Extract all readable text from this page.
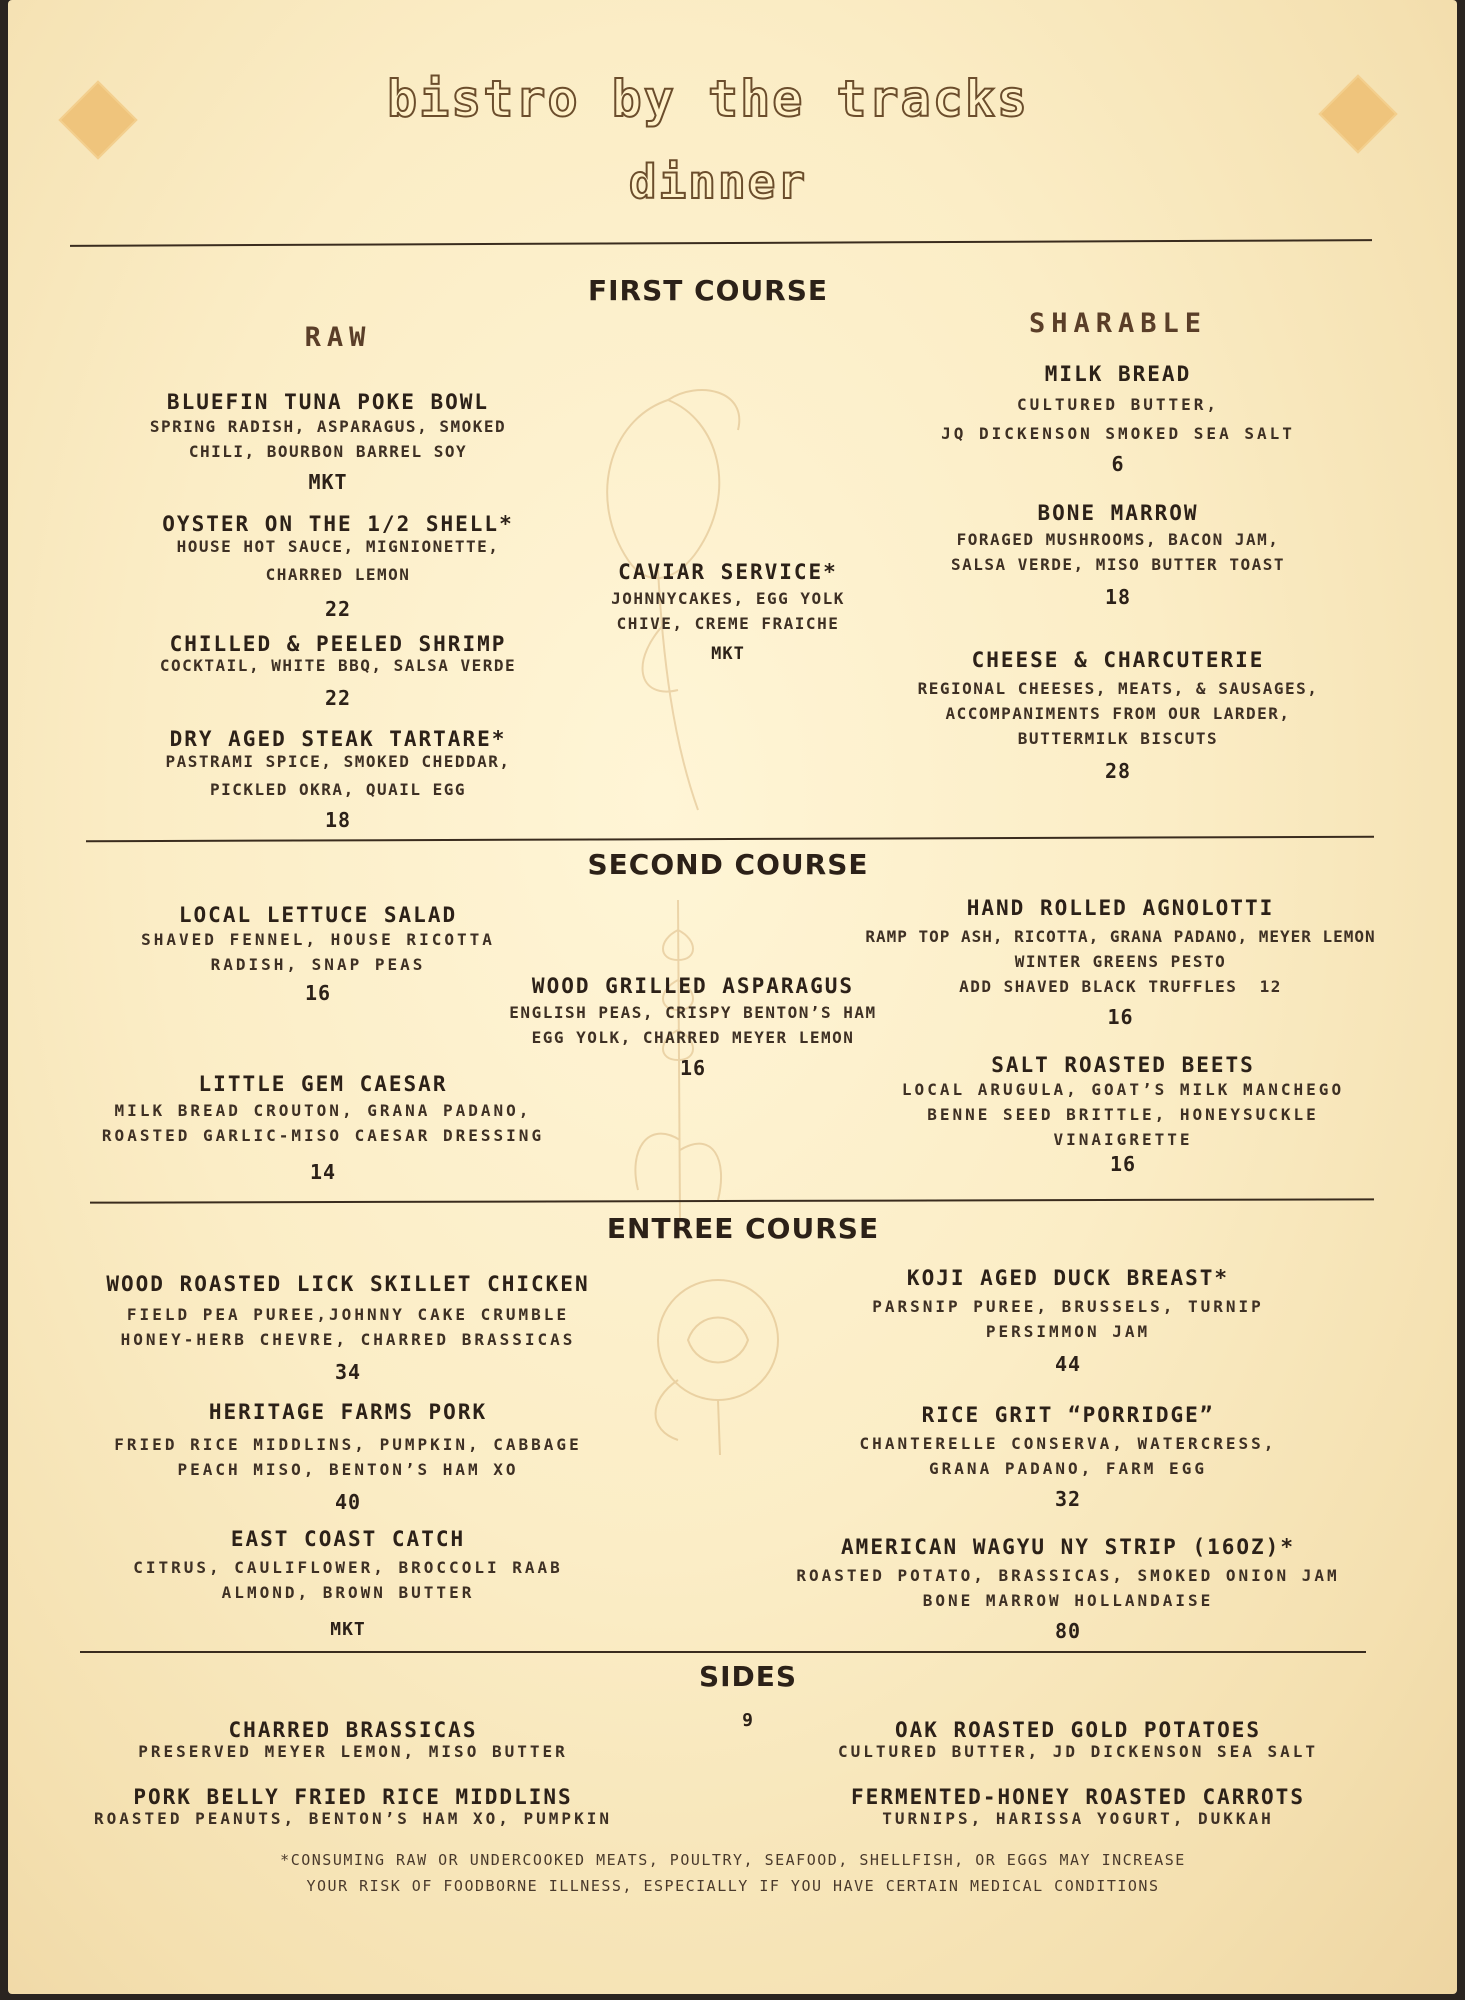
bistro by the tracks
dinner
FIRST COURSE
RAW	SHARABLE
BLUEFIN TUNA POKE BOWL
SPRING RADISH, ASPARAGUS, SMOKED
CHILI, BOURBON BARREL SOY
MKT
OYSTER ON THE 1/2 SHELL*
HOUSE HOT SAUCE, MIGNIONETTE,
CHARRED LEMON
22
CHILLED & PEELED SHRIMP
COCKTAIL, WHITE BBQ, SALSA VERDE
22
DRY AGED STEAK TARTARE*
PASTRAMI SPICE, SMOKED CHEDDAR,
PICKLED OKRA, QUAIL EGG
18
CAVIAR SERVICE*
JOHNNYCAKES, EGG YOLK
CHIVE, CREME FRAICHE
MKT
MILK BREAD
CULTURED BUTTER,
JQ DICKENSON SMOKED SEA SALT
6
BONE MARROW
FORAGED MUSHROOMS, BACON JAM,
SALSA VERDE, MISO BUTTER TOAST
18
CHEESE & CHARCUTERIE
REGIONAL CHEESES, MEATS, & SAUSAGES,
ACCOMPANIMENTS FROM OUR LARDER,
BUTTERMILK BISCUTS
28
SECOND COURSE
LOCAL LETTUCE SALAD
SHAVED FENNEL, HOUSE RICOTTA
RADISH, SNAP PEAS
16
LITTLE GEM CAESAR
MILK BREAD CROUTON, GRANA PADANO,
ROASTED GARLIC-MISO CAESAR DRESSING
14
WOOD GRILLED ASPARAGUS
ENGLISH PEAS, CRISPY BENTON’S HAM
EGG YOLK, CHARRED MEYER LEMON
16
HAND ROLLED AGNOLOTTI
RAMP TOP ASH, RICOTTA, GRANA PADANO, MEYER LEMON
WINTER GREENS PESTO
ADD SHAVED BLACK TRUFFLES 12
16
SALT ROASTED BEETS
LOCAL ARUGULA, GOAT’S MILK MANCHEGO
BENNE SEED BRITTLE, HONEYSUCKLE
VINAIGRETTE
16
ENTREE COURSE
WOOD ROASTED LICK SKILLET CHICKEN
FIELD PEA PUREE,JOHNNY CAKE CRUMBLE
HONEY-HERB CHEVRE, CHARRED BRASSICAS
34
HERITAGE FARMS PORK
FRIED RICE MIDDLINS, PUMPKIN, CABBAGE
PEACH MISO, BENTON’S HAM XO
40
EAST COAST CATCH
CITRUS, CAULIFLOWER, BROCCOLI RAAB
ALMOND, BROWN BUTTER
MKT
KOJI AGED DUCK BREAST*
PARSNIP PUREE, BRUSSELS, TURNIP
PERSIMMON JAM
44
RICE GRIT “PORRIDGE”
CHANTERELLE CONSERVA, WATERCRESS,
GRANA PADANO, FARM EGG
32
AMERICAN WAGYU NY STRIP (16OZ)*
ROASTED POTATO, BRASSICAS, SMOKED ONION JAM
BONE MARROW HOLLANDAISE
80
SIDES
9
CHARRED BRASSICAS
PRESERVED MEYER LEMON, MISO BUTTER
PORK BELLY FRIED RICE MIDDLINS
ROASTED PEANUTS, BENTON’S HAM XO, PUMPKIN
OAK ROASTED GOLD POTATOES
CULTURED BUTTER, JD DICKENSON SEA SALT
FERMENTED-HONEY ROASTED CARROTS
TURNIPS, HARISSA YOGURT, DUKKAH
*CONSUMING RAW OR UNDERCOOKED MEATS, POULTRY, SEAFOOD, SHELLFISH, OR EGGS MAY INCREASE
YOUR RISK OF FOODBORNE ILLNESS, ESPECIALLY IF YOU HAVE CERTAIN MEDICAL CONDITIONS
